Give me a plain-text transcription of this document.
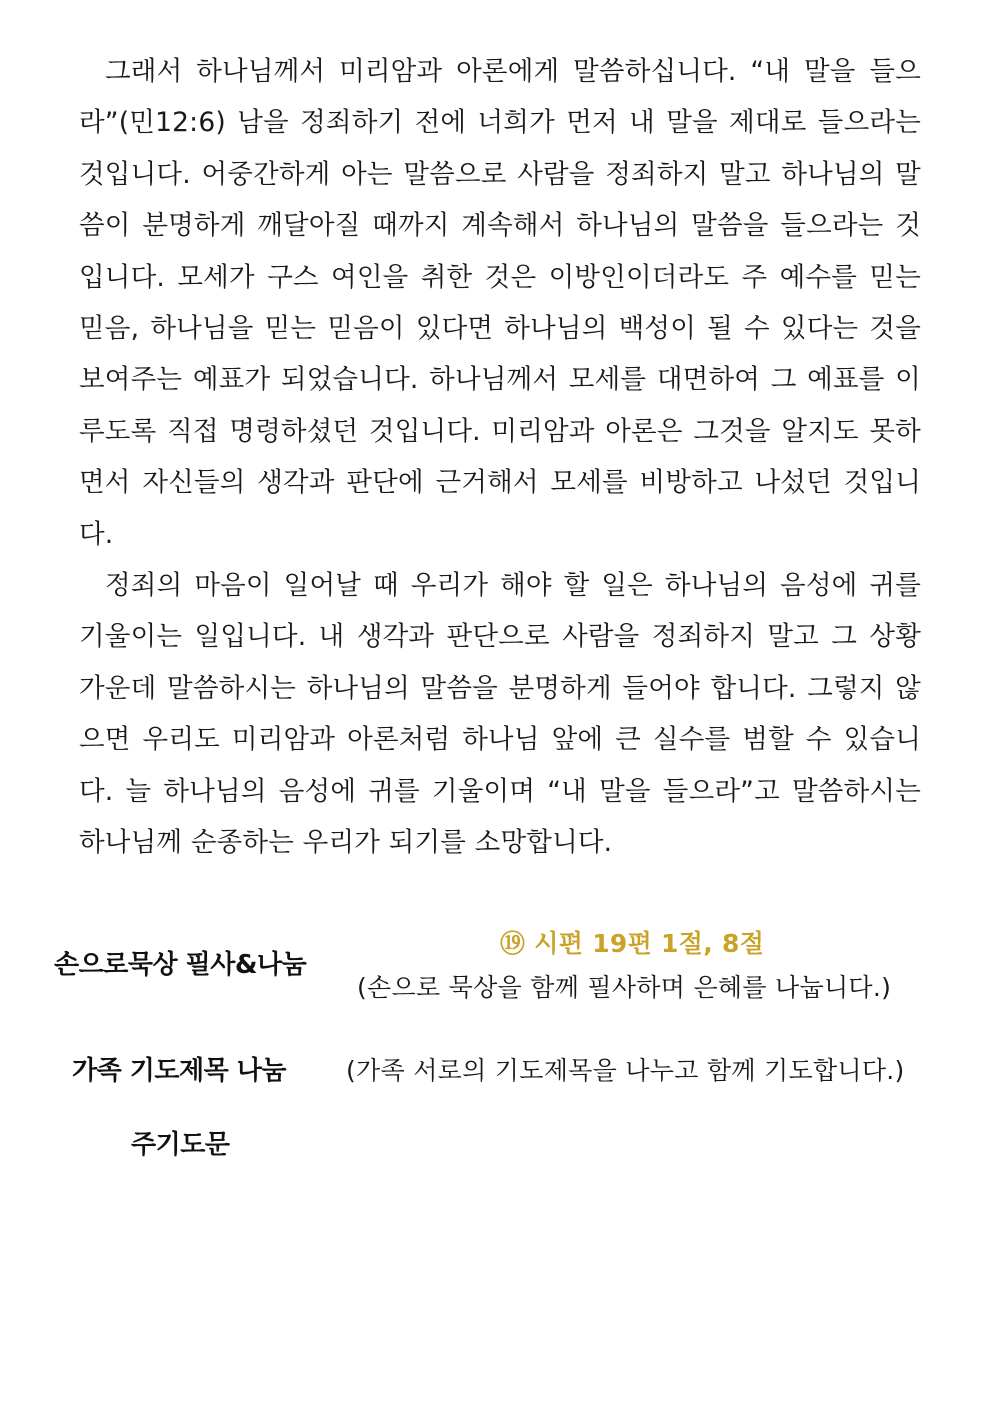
그래서 하나님께서 미리암과 아론에게 말씀하십니다. “내 말을 들으라”(민12:6) 남을 정죄하기 전에 너희가 먼저 내 말을 제대로 들으라는 것입니다. 어중간하게 아는 말씀으로 사람을 정죄하지 말고 하나님의 말씀이 분명하게 깨달아질 때까지 계속해서 하나님의 말씀을 들으라는 것입니다. 모세가 구스 여인을 취한 것은 이방인이더라도 주 예수를 믿는 믿음, 하나님을 믿는 믿음이 있다면 하나님의 백성이 될 수 있다는 것을 보여주는 예표가 되었습니다. 하나님께서 모세를 대면하여 그 예표를 이루도록 직접 명령하셨던 것입니다. 미리암과 아론은 그것을 알지도 못하면서 자신들의 생각과 판단에 근거해서 모세를 비방하고 나섰던 것입니다.

정죄의 마음이 일어날 때 우리가 해야 할 일은 하나님의 음성에 귀를 기울이는 일입니다. 내 생각과 판단으로 사람을 정죄하지 말고 그 상황 가운데 말씀하시는 하나님의 말씀을 분명하게 들어야 합니다. 그렇지 않으면 우리도 미리암과 아론처럼 하나님 앞에 큰 실수를 범할 수 있습니다. 늘 하나님의 음성에 귀를 기울이며 “내 말을 들으라”고 말씀하시는 하나님께 순종하는 우리가 되기를 소망합니다.

손으로묵상 필사&나눔
⑲ 시편 19편 1절, 8절
(손으로 묵상을 함께 필사하며 은혜를 나눕니다.)
가족 기도제목 나눔 (가족 서로의 기도제목을 나누고 함께 기도합니다.)
주기도문
